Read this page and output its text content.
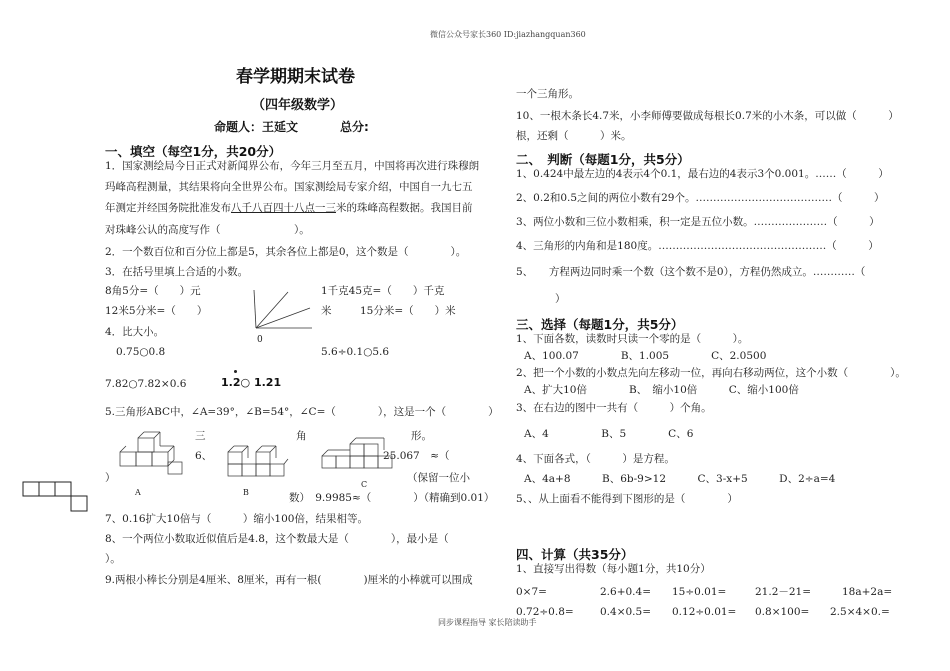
微信公众号家长360 ID:jiazhangquan360
同步课程指导 家长陪读助手
春学期期末试卷
（四年级数学）
命题人：王延文	总分:
一、填空（每空1分，共20分）
1．国家测绘局今日正式对新闻界公布，今年三月至五月，中国将再次进行珠穆朗
玛峰高程测量，其结果将向全世界公布。国家测绘局专家介绍，中国自一九七五
年测定并经国务院批准发布八千八百四十八点一三米的珠峰高程数据。我国目前
对珠峰公认的高度写作（　　　　　　　）。
2．一个数百位和百分位上都是5，其余各位上都是0，这个数是（　　　　）。
3．在括号里填上合适的小数。
8角5分=（　　）元	1千克45克=（　　）千克
12米5分米=（　　）	米	15分米=（　　）米
0
4．比大小。
0.75○0.8	5.6÷0.1○5.6
7.82○7.82×0.6	1.2○ 1.21
5.三角形ABC中，∠A=39°，∠B=54°，∠C=（　　　　），这是一个（　　　　）
三	角	形。
6、
）
A	B
C
25.067　≈（　　
（保留一位小
数）　9.9985≈（　　　　）（精确到0.01）
7、0.16扩大10倍与（　　　）缩小100倍，结果相等。
8、一个两位小数取近似值后是4.8，这个数最大是（　　　　），最小是（
）。
9.两根小棒长分别是4厘米、8厘米，再有一根(　　　　)厘米的小棒就可以围成
一个三角形。
10、一根木条长4.7米，小李师傅要做成每根长0.7米的小木条，可以做（　　　）
根，还剩（　　　）米。
二、　判断（每题1分，共5分）
1、0.424中最左边的4表示4个0.1，最右边的4表示3个0.001。……（　　　）
2、0.2和0.5之间的两位小数有29个。…………………………………（　　　）
3、两位小数和三位小数相乘，积一定是五位小数。…………………（　　　）
4、三角形的内角和是180度。…………………………………………（　　　）
5、　　方程两边同时乘一个数（这个数不是0），方程仍然成立。…………（
）
三、选择（每题1分，共5分）
1、下面各数，读数时只读一个零的是（　　　）。
A、100.07　　　　B、1.005　　　　C、2.0500
2、把一个小数的小数点先向左移动一位，再向右移动两位，这个小数（　　　　）。
A、扩大10倍　　　　B、　缩小10倍　　　C、缩小100倍
3、在右边的图中一共有（　　　）个角。
A、4　　　　　B、5　　　　C、6
4、下面各式，（　　　）是方程。
A、4a+8　　　B、6b-9>12　　　C、3-x+5　　　D、2÷a=4
5、、从上面看不能得到下图形的是（　　　　）
四、计算（共35分）
1、直接写出得数（每小题1分，共10分）
0×7=	2.6+0.4= 15÷0.01=	21.2－21=	18a+2a=
0.72÷0.8=	0.4×0.5= 0.12÷0.01= 0.8×100= 2.5×4×0.=
